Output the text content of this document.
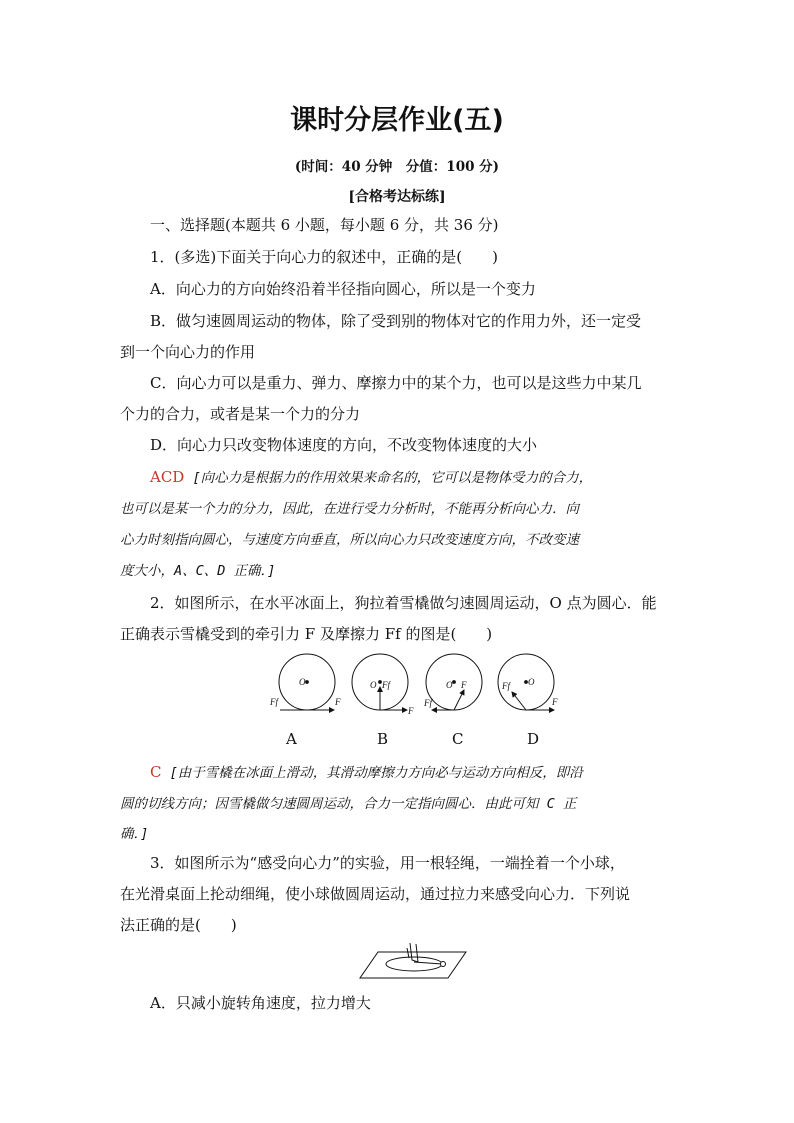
课时分层作业(五)
(时间：40 分钟　分值：100 分)
[合格考达标练]
一、选择题(本题共 6 小题，每小题 6 分，共 36 分)
1．(多选)下面关于向心力的叙述中，正确的是(　　)
A．向心力的方向始终沿着半径指向圆心，所以是一个变力
B．做匀速圆周运动的物体，除了受到别的物体对它的作用力外，还一定受
到一个向心力的作用
C．向心力可以是重力、弹力、摩擦力中的某个力，也可以是这些力中某几
个力的合力，或者是某一个力的分力
D．向心力只改变物体速度的方向，不改变物体速度的大小
ACD [向心力是根据力的作用效果来命名的，它可以是物体受力的合力，
也可以是某一个力的分力，因此，在进行受力分析时，不能再分析向心力．向
心力时刻指向圆心，与速度方向垂直，所以向心力只改变速度方向，不改变速
度大小，A、C、D 正确．]
2．如图所示，在水平冰面上，狗拉着雪橇做匀速圆周运动，O 点为圆心．能
正确表示雪橇受到的牵引力 F 及摩擦力 Ff 的图是(　　)
O
Ff	F
O Ff
F
O F
Ff
O
Ff
F
A	B	C	D
C [由于雪橇在冰面上滑动，其滑动摩擦力方向必与运动方向相反，即沿
圆的切线方向；因雪橇做匀速圆周运动，合力一定指向圆心．由此可知 C 正
确．]
3．如图所示为“感受向心力”的实验，用一根轻绳，一端拴着一个小球，
在光滑桌面上抡动细绳，使小球做圆周运动，通过拉力来感受向心力．下列说
法正确的是(　　)
A．只减小旋转角速度，拉力增大
